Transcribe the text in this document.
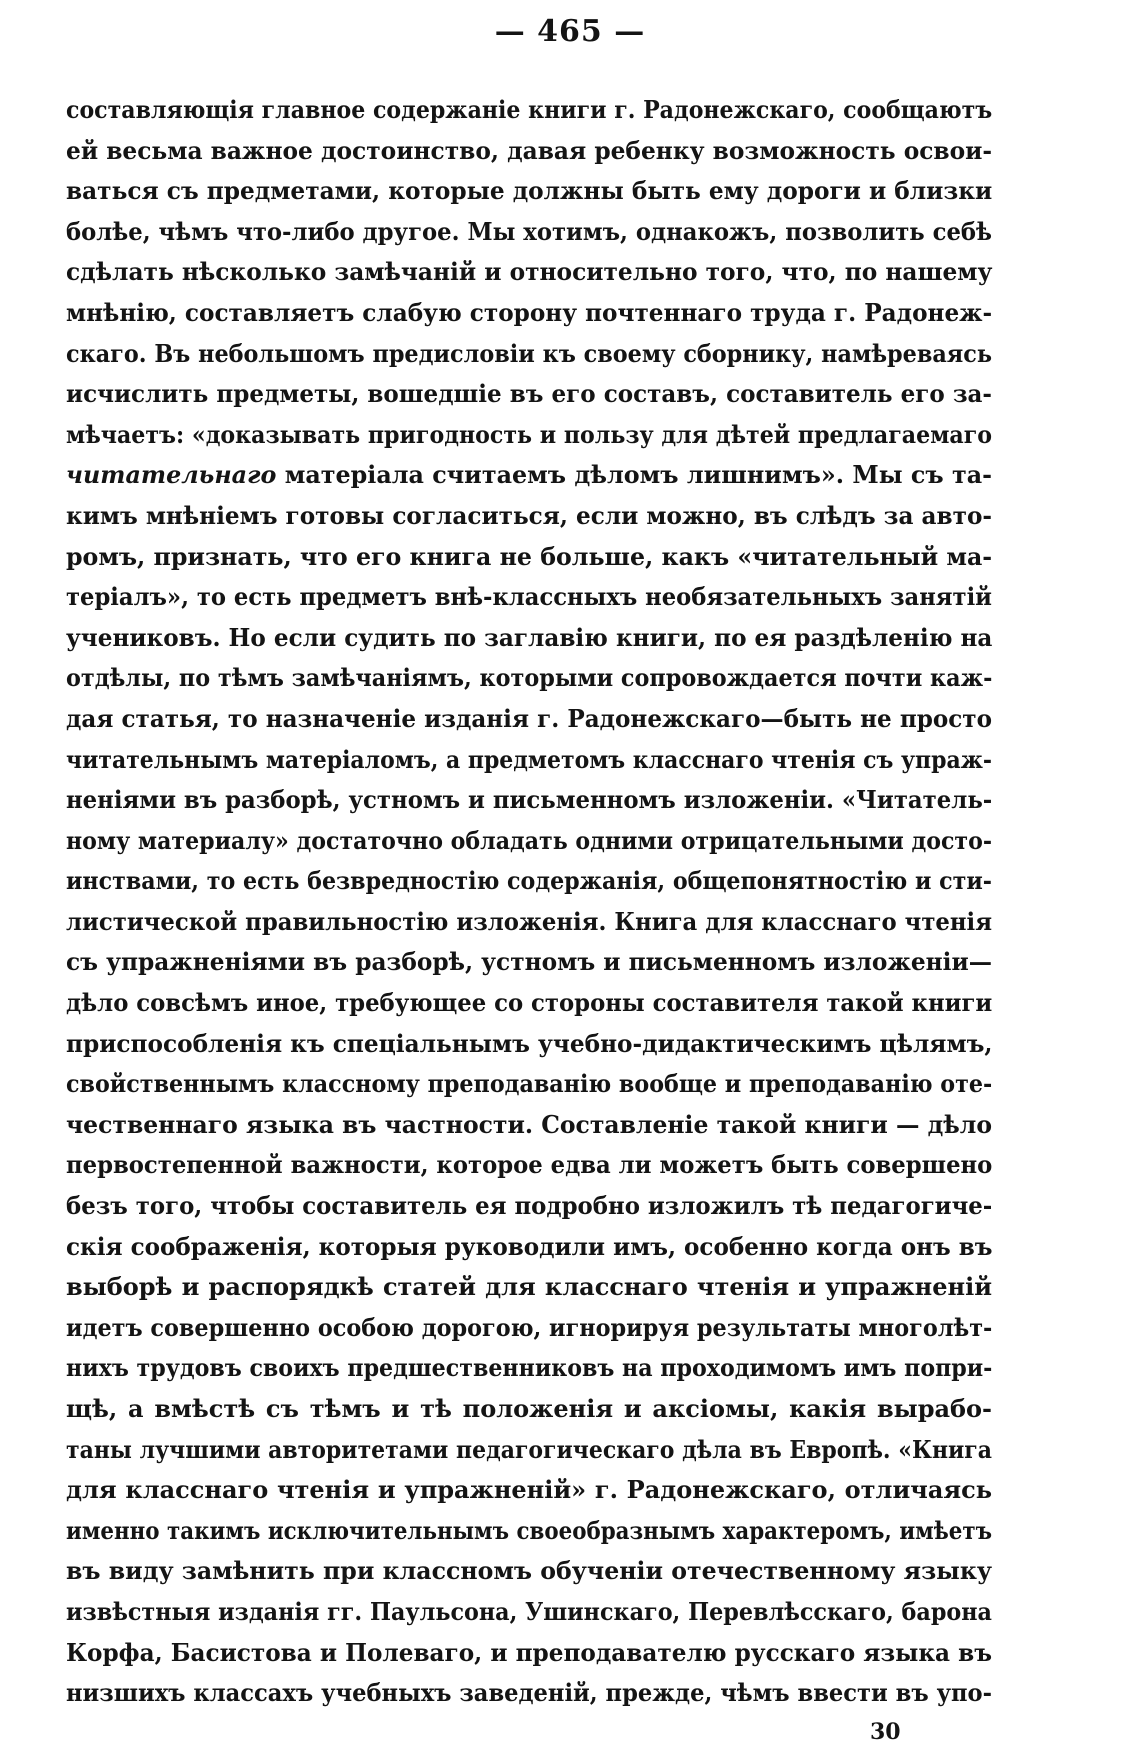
— 465 —
составляющія главное содержаніе книги г. Радонежскаго, сообщаютъ
ей весьма важное достоинство, давая ребенку возможность освои-
ваться съ предметами, которые должны быть ему дороги и близки
болѣе, чѣмъ что-либо другое. Мы хотимъ, однакожъ, позволить себѣ
сдѣлать нѣсколько замѣчаній и относительно того, что, по нашему
мнѣнію, составляетъ слабую сторону почтеннаго труда г. Радонеж-
скаго. Въ небольшомъ предисловіи къ своему сборнику, намѣреваясь
исчислить предметы, вошедшіе въ его составъ, составитель его за-
мѣчаетъ: «доказывать пригодность и пользу для дѣтей предлагаемаго
читательнаго матеріала считаемъ дѣломъ лишнимъ». Мы съ та-
кимъ мнѣніемъ готовы согласиться, если можно, въ слѣдъ за авто-
ромъ, признать, что его книга не больше, какъ «читательный ма-
теріалъ», то есть предметъ внѣ-классныхъ необязательныхъ занятій
учениковъ. Но если судить по заглавію книги, по ея раздѣленію на
отдѣлы, по тѣмъ замѣчаніямъ, которыми сопровождается почти каж-
дая статья, то назначеніе изданія г. Радонежскаго—быть не просто
читательнымъ матеріаломъ, а предметомъ класснаго чтенія съ упраж-
неніями въ разборѣ, устномъ и письменномъ изложеніи. «Читатель-
ному материалу» достаточно обладать одними отрицательными досто-
инствами, то есть безвредностію содержанія, общепонятностію и сти-
листической правильностію изложенія. Книга для класснаго чтенія
съ упражненіями въ разборѣ, устномъ и письменномъ изложеніи—
дѣло совсѣмъ иное, требующее со стороны составителя такой книги
приспособленія къ спеціальнымъ учебно-дидактическимъ цѣлямъ,
свойственнымъ классному преподаванію вообще и преподаванію оте-
чественнаго языка въ частности. Составленіе такой книги — дѣло
первостепенной важности, которое едва ли можетъ быть совершено
безъ того, чтобы составитель ея подробно изложилъ тѣ педагогиче-
скія соображенія, которыя руководили имъ, особенно когда онъ въ
выборѣ и распорядкѣ статей для класснаго чтенія и упражненій
идетъ совершенно особою дорогою, игнорируя результаты многолѣт-
нихъ трудовъ своихъ предшественниковъ на проходимомъ имъ попри-
щѣ, а вмѣстѣ съ тѣмъ и тѣ положенія и аксіомы, какія вырабо-
таны лучшими авторитетами педагогическаго дѣла въ Европѣ. «Книга
для класснаго чтенія и упражненій» г. Радонежскаго, отличаясь
именно такимъ исключительнымъ своеобразнымъ характеромъ, имѣетъ
въ виду замѣнить при классномъ обученіи отечественному языку
извѣстныя изданія гг. Паульсона, Ушинскаго, Перевлѣсскаго, барона
Корфа, Басистова и Полеваго, и преподавателю русскаго языка въ
низшихъ классахъ учебныхъ заведеній, прежде, чѣмъ ввести въ упо-
30
